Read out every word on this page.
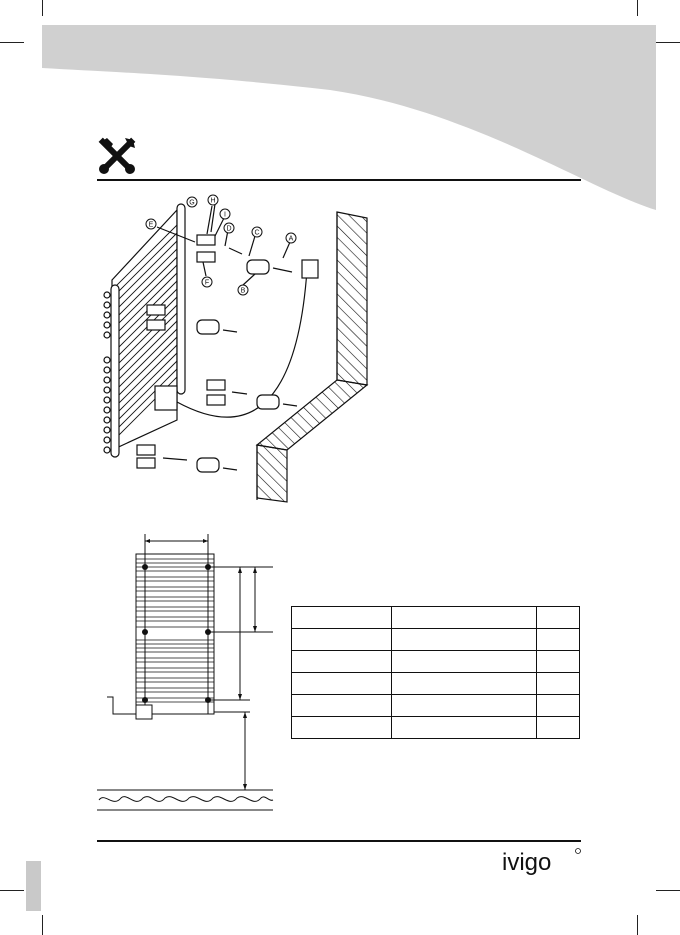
G H
I
D
C
A
E
F
B

ivigo
